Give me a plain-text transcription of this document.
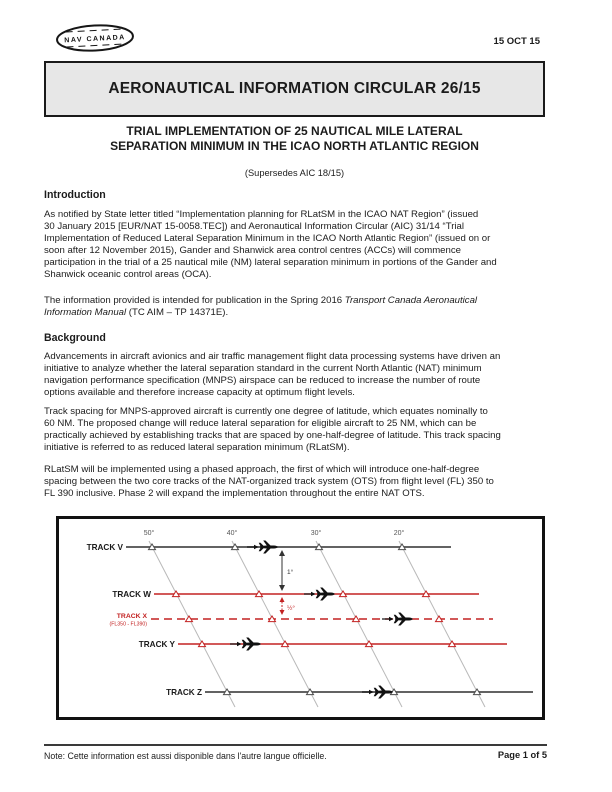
NAV CANADA	15 OCT 15
AERONAUTICAL INFORMATION CIRCULAR 26/15
TRIAL IMPLEMENTATION OF 25 NAUTICAL MILE LATERAL
SEPARATION MINIMUM IN THE ICAO NORTH ATLANTIC REGION
(Supersedes AIC 18/15)
Introduction
As notified by State letter titled “Implementation planning for RLatSM in the ICAO NAT Region” (issued
30 January 2015 [EUR/NAT 15-0058.TEC]) and Aeronautical Information Circular (AIC) 31/14 “Trial
Implementation of Reduced Lateral Separation Minimum in the ICAO North Atlantic Region” (issued on or
soon after 12 November 2015), Gander and Shanwick area control centres (ACCs) will commence
participation in the trial of a 25 nautical mile (NM) lateral separation minimum in portions of the Gander and
Shanwick oceanic control areas (OCA).
The information provided is intended for publication in the Spring 2016 Transport Canada Aeronautical
Information Manual (TC AIM – TP 14371E).
Background
Advancements in aircraft avionics and air traffic management flight data processing systems have driven an
initiative to analyze whether the lateral separation standard in the current North Atlantic (NAT) minimum
navigation performance specification (MNPS) airspace can be reduced to increase the number of route
options available and therefore increase capacity at optimum flight levels.
Track spacing for MNPS-approved aircraft is currently one degree of latitude, which equates nominally to
60 NM. The proposed change will reduce lateral separation for eligible aircraft to 25 NM, which can be
practically achieved by establishing tracks that are spaced by one-half-degree of latitude. This track spacing
initiative is referred to as reduced lateral separation minimum (RLatSM).
RLatSM will be implemented using a phased approach, the first of which will introduce one-half-degree
spacing between the two core tracks of the NAT-organized track system (OTS) from flight level (FL) 350 to
FL 390 inclusive. Phase 2 will expand the implementation throughout the entire NAT OTS.
50°	40°	30°	20°
TRACK V
1°
TRACK W
½°
TRACK X
(FL350 - FL390)
TRACK Y
TRACK Z
Note: Cette information est aussi disponible dans l'autre langue officielle.	Page 1 of 5
